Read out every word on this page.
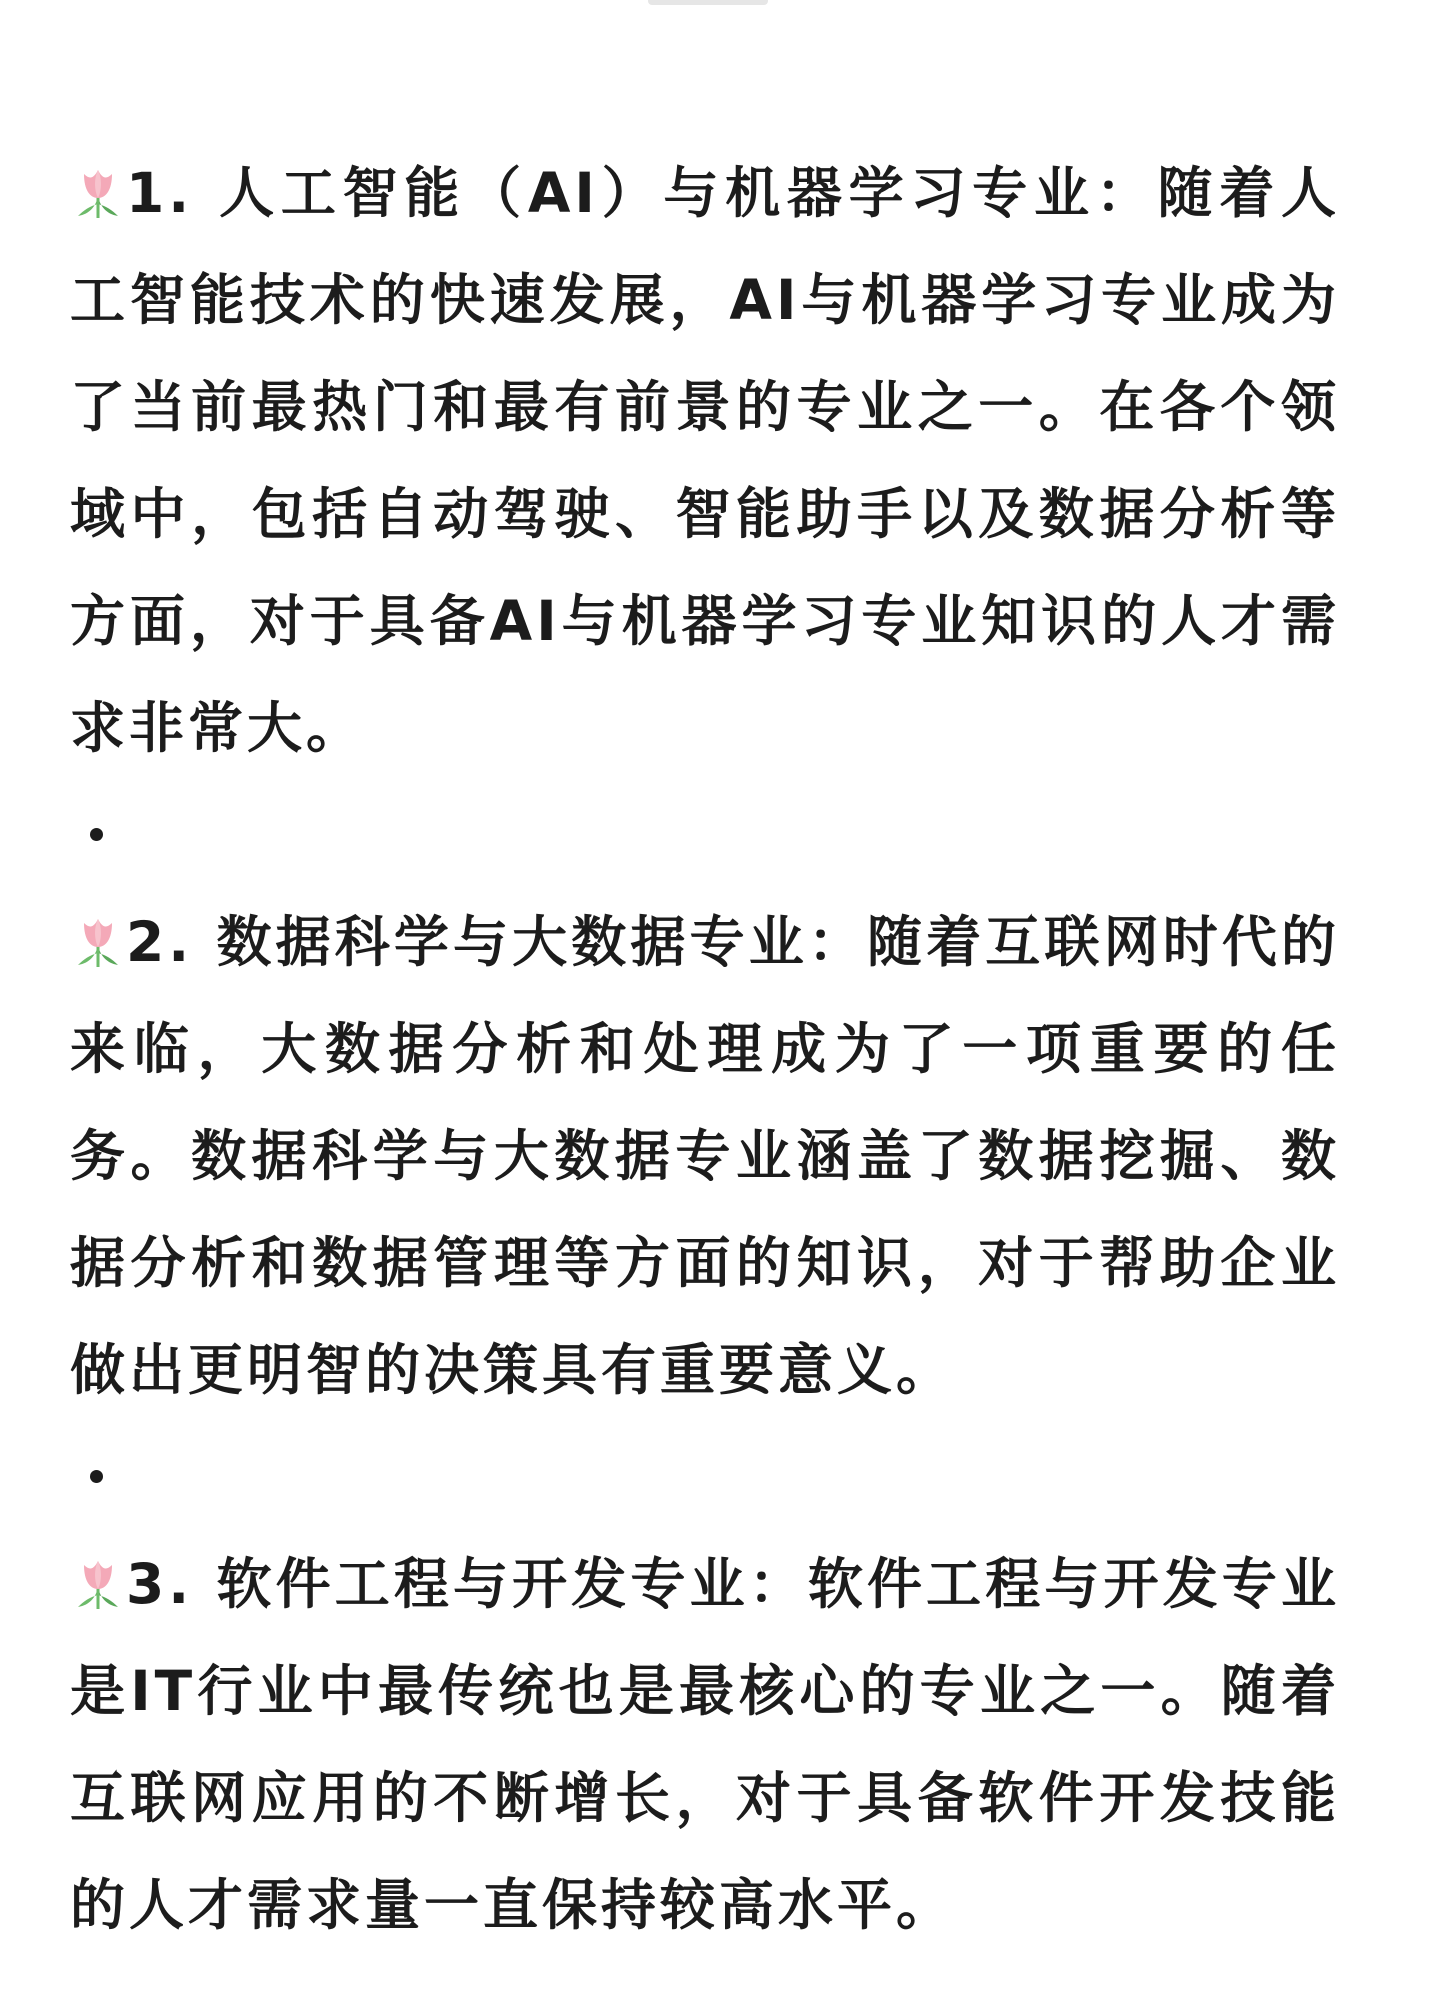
1. 人工智能（AI）与机器学习专业：随着人工智能技术的快速发展，AI与机器学习专业成为了当前最热门和最有前景的专业之一。在各个领域中，包括自动驾驶、智能助手以及数据分析等方面，对于具备AI与机器学习专业知识的人才需求非常大。

2. 数据科学与大数据专业：随着互联网时代的来临，大数据分析和处理成为了一项重要的任务。数据科学与大数据专业涵盖了数据挖掘、数据分析和数据管理等方面的知识，对于帮助企业做出更明智的决策具有重要意义。

3. 软件工程与开发专业：软件工程与开发专业是IT行业中最传统也是最核心的专业之一。随着互联网应用的不断增长，对于具备软件开发技能的人才需求量一直保持较高水平。
